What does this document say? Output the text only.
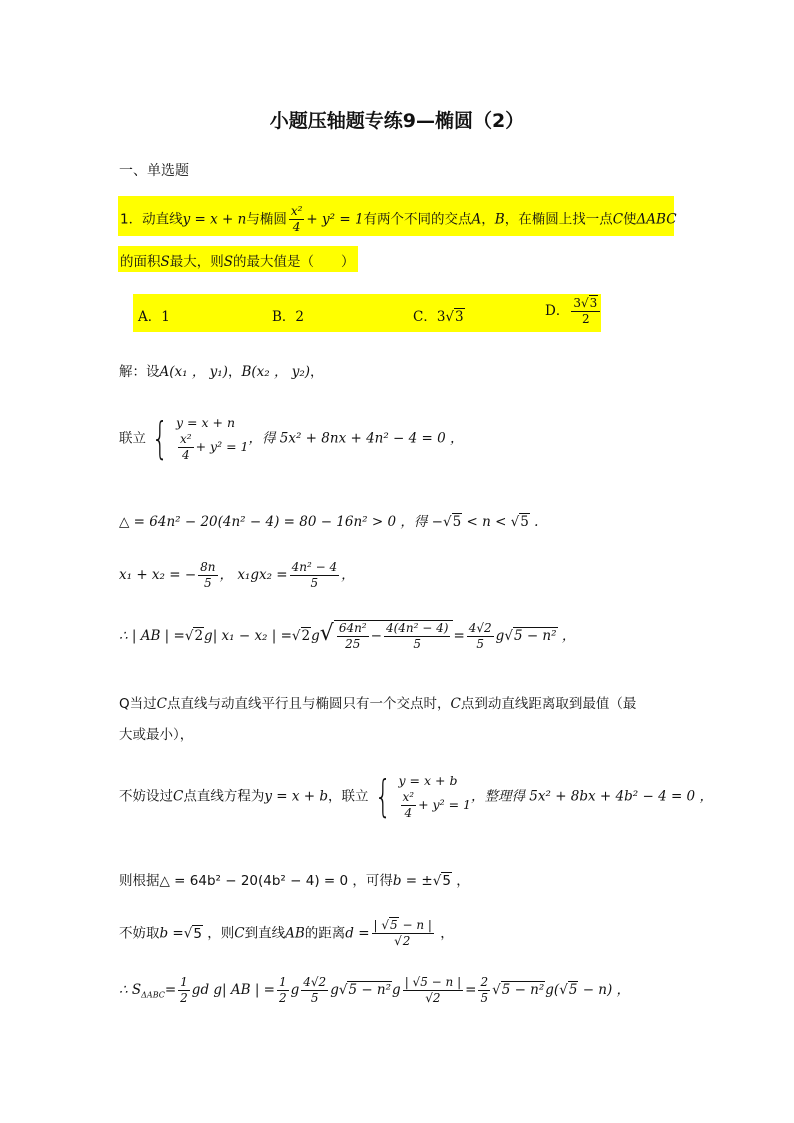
小题压轴题专练9—椭圆（2）
一、单选题
1．动直线y = x + n与椭圆 $\frac{\text{x²}}{4} + y^2 = 1$有两个不同的交点A，B，在椭圆上找一点C使ΔABC
的面积S最大，则S的最大值是（　　）
A．1	B．2	C．3√3	D． $\frac{3√3}{2}$
解：设A(x₁ ， y₁)，B(x₂ ， y₂)，
联立 { y = x + n
$\frac{\text{x²}}{4} + y^2 = 1$ ，得 5x² + 8nx + 4n² − 4 = 0 ，
△ = 64n² − 20(4n² − 4) = 80 − 16n² > 0 ，得 −√5 < n < √5 .
x₁ + x₂ = − $\frac{8n}{5}$ ， $x_1gx_2 = \frac{\text{4n² − 4}}{5}$ ，
∴ | AB | =√2g| x₁ − x₂ | $=√2g√ \frac{\text{64n²}}{25} - \frac{\text{4(4n² − 4)}}{5} = \frac{4√2}{5} g√5 - n^2$ ，
Q当过C点直线与动直线平行且与椭圆只有一个交点时，C点到动直线距离取到最值（最
大或最小），
不妨设过C点直线方程为y = x + b，联立 { y = x + b
$\frac{\text{x²}}{4} + y^2 = 1$ ，整理得 5x² + 8bx + 4b² − 4 = 0 ，
则根据△ = 64b² − 20(4b² − 4) = 0 ，可得b = ±√5 ，
不妨取b =√5 ，则C到直线AB的距离$d = \frac{| √5 - n |}{√2}$ ，
∴ $S_{\Delta ABC}= \frac{1}{2}$ gd g| AB | = $\frac{1}{2}$ g $\frac{4√2}{5} g√5 - n^2g \frac{| √5 - n |}{√2} = \frac{2}{5} √5 - n^2g(√5 - n)$ ，
